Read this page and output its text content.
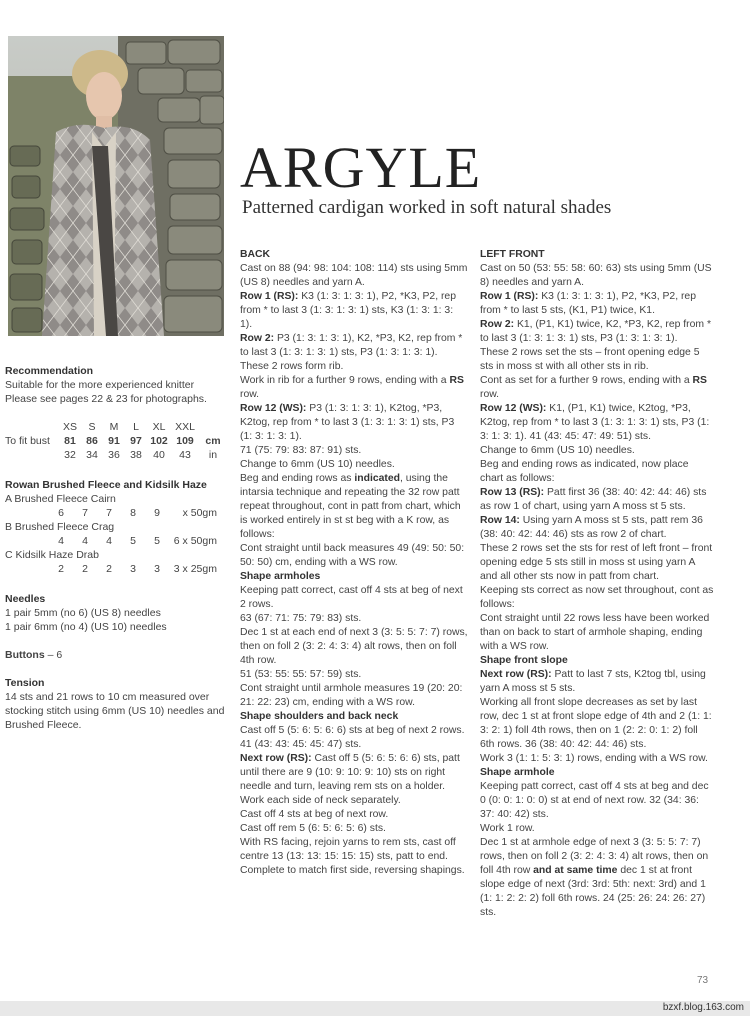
ARGYLE
Patterned cardigan worked in soft natural shades
Recommendation

Suitable for the more experienced knitter

Please see pages 22 & 23 for photographs.

XS	S	M	L	XL XXL
To fit bust	81 86 91 97 102 109	cm
32 34 36 38	40	43	in
Rowan Brushed Fleece and Kidsilk Haze

A Brushed Fleece Cairn

6	7	7	8	9	x 50gm

B Brushed Fleece Crag

4	4	4	5	5	6 x 50gm

C Kidsilk Haze Drab

2	2	2	3	3	3 x 25gm
Needles

1 pair 5mm (no 6) (US 8) needles

1 pair 6mm (no 4) (US 10) needles

Buttons – 6

Tension

14 sts and 21 rows to 10 cm measured over stocking stitch using 6mm (US 10) needles and Brushed Fleece.

BACK

Cast on 88 (94: 98: 104: 108: 114) sts using 5mm (US 8) needles and yarn A.

Row 1 (RS): K3 (1: 3: 1: 3: 1), P2, *K3, P2, rep from * to last 3 (1: 3: 1: 3: 1) sts, K3 (1: 3: 1: 3: 1).

Row 2: P3 (1: 3: 1: 3: 1), K2, *P3, K2, rep from * to last 3 (1: 3: 1: 3: 1) sts, P3 (1: 3: 1: 3: 1).

These 2 rows form rib.

Work in rib for a further 9 rows, ending with a RS row.

Row 12 (WS): P3 (1: 3: 1: 3: 1), K2tog, *P3, K2tog, rep from * to last 3 (1: 3: 1: 3: 1) sts, P3 (1: 3: 1: 3: 1).

71 (75: 79: 83: 87: 91) sts.

Change to 6mm (US 10) needles.

Beg and ending rows as indicated, using the intarsia technique and repeating the 32 row patt repeat throughout, cont in patt from chart, which is worked entirely in st st beg with a K row, as follows:

Cont straight until back measures 49 (49: 50: 50: 50: 50) cm, ending with a WS row.

Shape armholes

Keeping patt correct, cast off 4 sts at beg of next 2 rows.

63 (67: 71: 75: 79: 83) sts.

Dec 1 st at each end of next 3 (3: 5: 5: 7: 7) rows, then on foll 2 (3: 2: 4: 3: 4) alt rows, then on foll 4th row.

51 (53: 55: 55: 57: 59) sts.

Cont straight until armhole measures 19 (20: 20: 21: 22: 23) cm, ending with a WS row.

Shape shoulders and back neck

Cast off 5 (5: 6: 5: 6: 6) sts at beg of next 2 rows. 41 (43: 43: 45: 45: 47) sts.

Next row (RS): Cast off 5 (5: 6: 5: 6: 6) sts, patt until there are 9 (10: 9: 10: 9: 10) sts on right needle and turn, leaving rem sts on a holder.

Work each side of neck separately.

Cast off 4 sts at beg of next row.

Cast off rem 5 (6: 5: 6: 5: 6) sts.

With RS facing, rejoin yarns to rem sts, cast off centre 13 (13: 13: 15: 15: 15) sts, patt to end.

Complete to match first side, reversing shapings.

LEFT FRONT

Cast on 50 (53: 55: 58: 60: 63) sts using 5mm (US 8) needles and yarn A.

Row 1 (RS): K3 (1: 3: 1: 3: 1), P2, *K3, P2, rep from * to last 5 sts, (K1, P1) twice, K1.

Row 2: K1, (P1, K1) twice, K2, *P3, K2, rep from * to last 3 (1: 3: 1: 3: 1) sts, P3 (1: 3: 1: 3: 1).

These 2 rows set the sts – front opening edge 5 sts in moss st with all other sts in rib.

Cont as set for a further 9 rows, ending with a RS row.

Row 12 (WS): K1, (P1, K1) twice, K2tog, *P3, K2tog, rep from * to last 3 (1: 3: 1: 3: 1) sts, P3 (1: 3: 1: 3: 1). 41 (43: 45: 47: 49: 51) sts.

Change to 6mm (US 10) needles.

Beg and ending rows as indicated, now place chart as follows:

Row 13 (RS): Patt first 36 (38: 40: 42: 44: 46) sts as row 1 of chart, using yarn A moss st 5 sts.

Row 14: Using yarn A moss st 5 sts, patt rem 36 (38: 40: 42: 44: 46) sts as row 2 of chart.

These 2 rows set the sts for rest of left front – front opening edge 5 sts still in moss st using yarn A and all other sts now in patt from chart.

Keeping sts correct as now set throughout, cont as follows:

Cont straight until 22 rows less have been worked than on back to start of armhole shaping, ending with a WS row.

Shape front slope

Next row (RS): Patt to last 7 sts, K2tog tbl, using yarn A moss st 5 sts.

Working all front slope decreases as set by last row, dec 1 st at front slope edge of 4th and 2 (1: 1: 3: 2: 1) foll 4th rows, then on 1 (2: 2: 0: 1: 2) foll 6th rows. 36 (38: 40: 42: 44: 46) sts.

Work 3 (1: 1: 5: 3: 1) rows, ending with a WS row.

Shape armhole

Keeping patt correct, cast off 4 sts at beg and dec 0 (0: 0: 1: 0: 0) st at end of next row. 32 (34: 36: 37: 40: 42) sts.

Work 1 row.

Dec 1 st at armhole edge of next 3 (3: 5: 5: 7: 7) rows, then on foll 2 (3: 2: 4: 3: 4) alt rows, then on foll 4th row and at same time dec 1 st at front slope edge of next (3rd: 3rd: 5th: next: 3rd) and 1 (1: 1: 2: 2: 2) foll 6th rows. 24 (25: 26: 24: 26: 27) sts.

73
bzxf.blog.163.com
